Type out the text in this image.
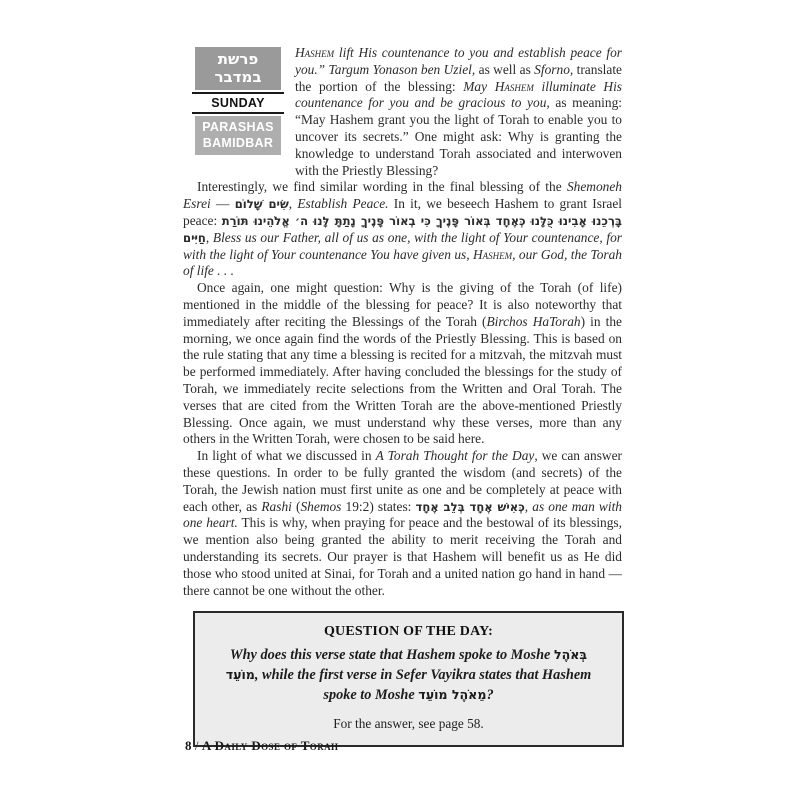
פרשת
במדבר
SUNDAY
PARASHAS
BAMIDBAR
Hashem lift His countenance to you and establish peace for you.” Targum Yonason ben Uziel, as well as Sforno, translate the portion of the blessing: May Hashem illuminate His countenance for you and be gracious to you, as meaning: “May Hashem grant you the light of Torah to enable you to uncover its secrets.” One might ask: Why is granting the knowledge to understand Torah associated and interwoven with the Priestly Blessing?
Interestingly, we find similar wording in the final blessing of the Shemoneh Esrei — שִׂים שָׁלוֹם, Establish Peace. In it, we beseech Hashem to grant Israel peace: בָּרְכֵנוּ אָבִינוּ כֻּלָּנוּ כְּאֶחָד בְּאוֹר פָּנֶיךָ כִּי בְאוֹר פָּנֶיךָ נָתַתָּ לָּנוּ ה׳ אֱלֹהֵינוּ תּוֹרַת חַיִּים, Bless us our Father, all of us as one, with the light of Your countenance, for with the light of Your countenance You have given us, Hashem, our God, the Torah of life . . .
Once again, one might question: Why is the giving of the Torah (of life) mentioned in the middle of the blessing for peace? It is also noteworthy that immediately after reciting the Blessings of the Torah (Birchos HaTorah) in the morning, we once again find the words of the Priestly Blessing. This is based on the rule stating that any time a blessing is recited for a mitzvah, the mitzvah must be performed immediately. After having concluded the blessings for the study of Torah, we immediately recite selections from the Written and Oral Torah. The verses that are cited from the Written Torah are the above-mentioned Priestly Blessing. Once again, we must understand why these verses, more than any others in the Written Torah, were chosen to be said here.
In light of what we discussed in A Torah Thought for the Day, we can answer these questions. In order to be fully granted the wisdom (and secrets) of the Torah, the Jewish nation must first unite as one and be completely at peace with each other, as Rashi (Shemos 19:2) states: כְּאִישׁ אֶחָד בְּלֵב אֶחָד, as one man with one heart. This is why, when praying for peace and the bestowal of its blessings, we mention also being granted the ability to merit receiving the Torah and understanding its secrets. Our prayer is that Hashem will benefit us as He did those who stood united at Sinai, for Torah and a united nation go hand in hand — there cannot be one without the other.
QUESTION OF THE DAY:
Why does this verse state that Hashem spoke to Moshe בְּאֹהֶל מוֹעֵד, while the first verse in Sefer Vayikra states that Hashem spoke to Moshe מֵאֹהֶל מוֹעֵד?
For the answer, see page 58.
8 / A Daily Dose of Torah
